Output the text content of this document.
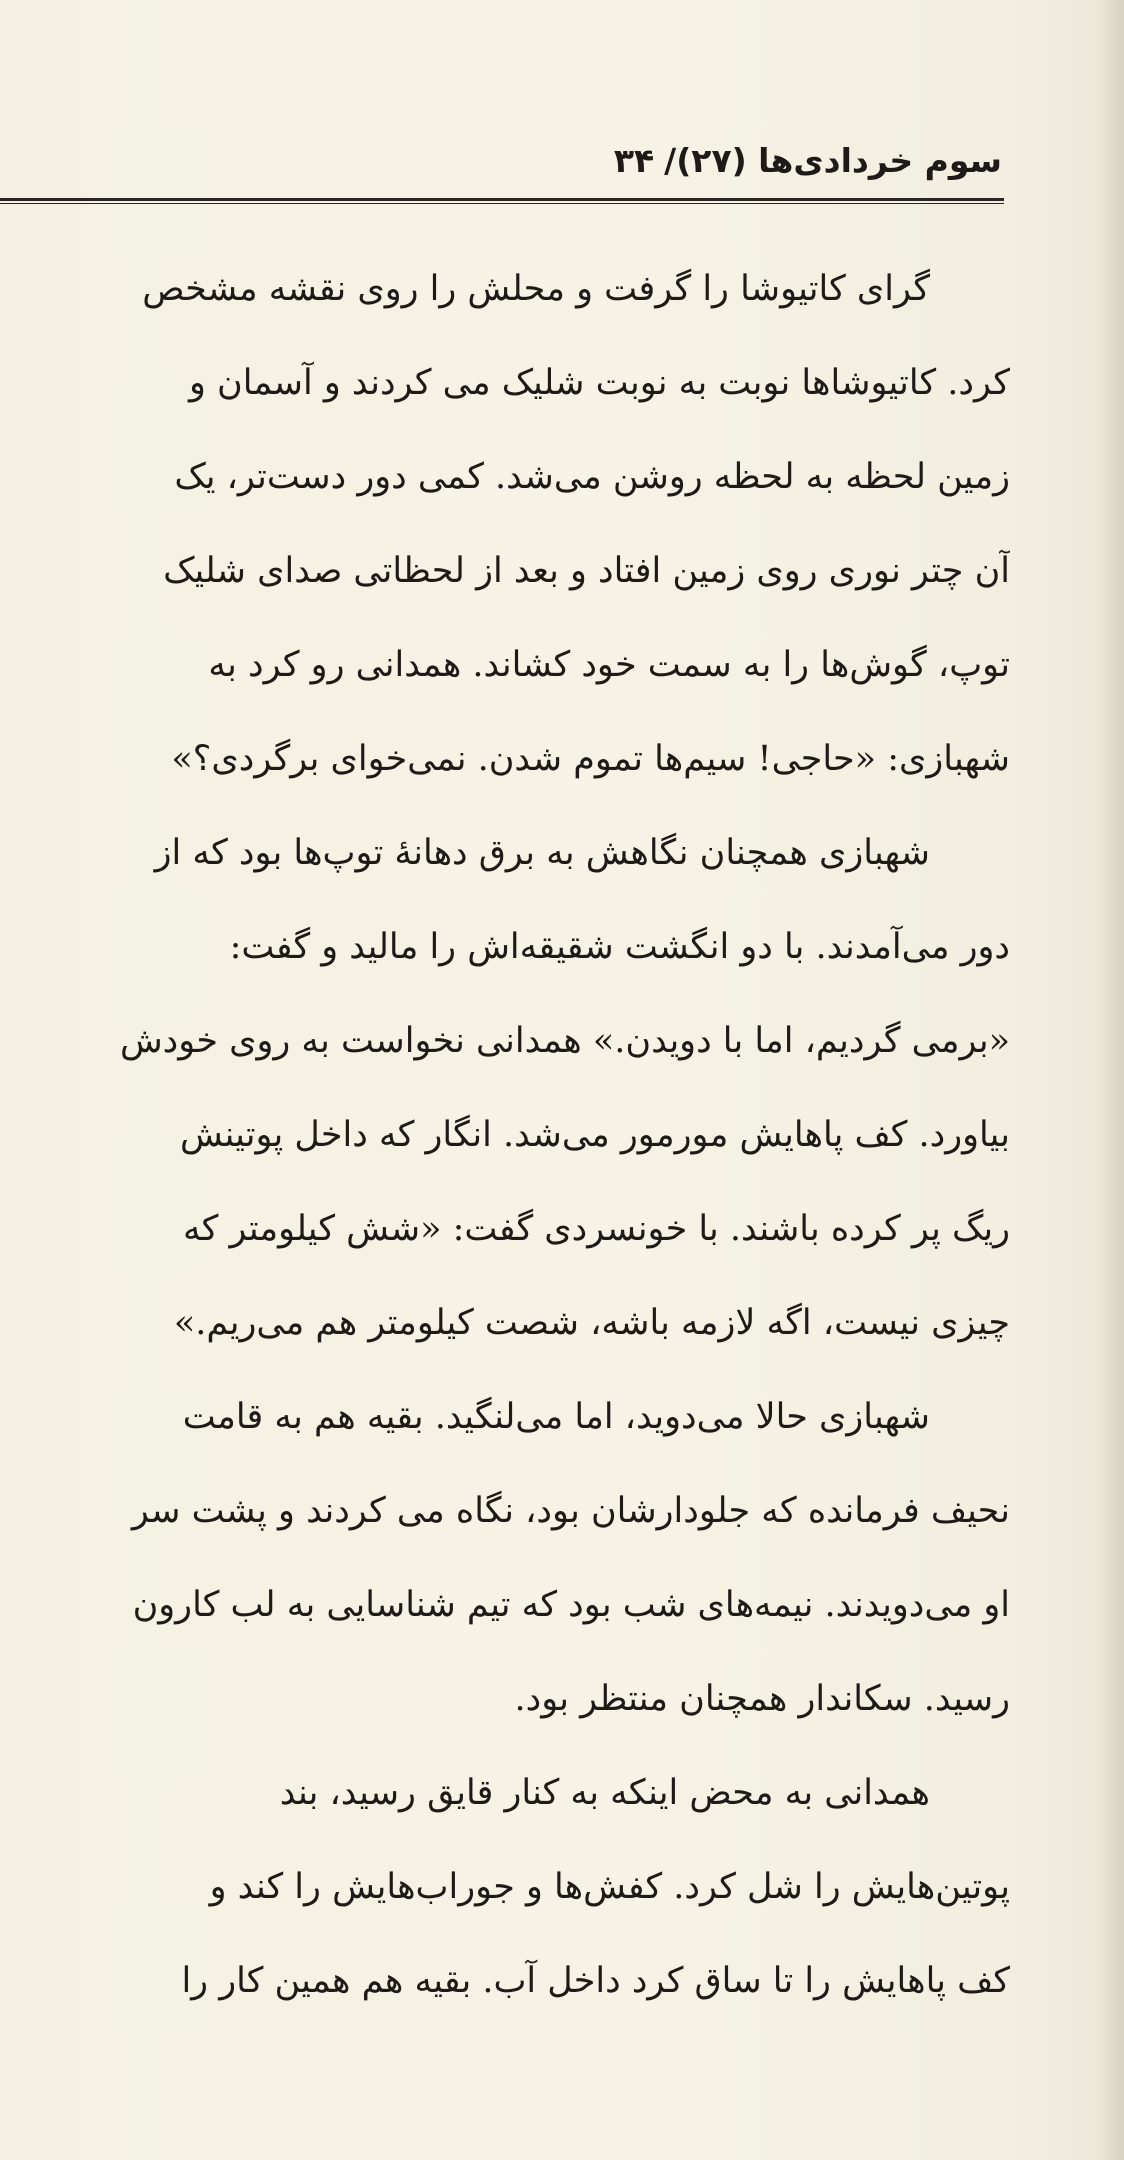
۳۴ / سوم خردادی‌ها (۲۷)
گرای کاتیوشا را گرفت و محلش را روی نقشه مشخص
کرد. کاتیوشاها نوبت به نوبت شلیک می کردند و آسمان و
زمین لحظه به لحظه روشن می‌شد. کمی دور دست‌تر، یک
آن چتر نوری روی زمین افتاد و بعد از لحظاتی صدای شلیک
توپ، گوش‌ها را به سمت خود کشاند. همدانی رو کرد به
شهبازی: «حاجی! سیم‌ها تموم شدن. نمی‌خوای برگردی؟»
شهبازی همچنان نگاهش به برق دهانهٔ توپ‌ها بود که از
دور می‌آمدند. با دو انگشت شقیقه‌اش را مالید و گفت:
«برمی گردیم، اما با دویدن.» همدانی نخواست به روی خودش
بیاورد. کف پاهایش مورمور می‌شد. انگار که داخل پوتینش
ریگ پر کرده باشند. با خونسردی گفت: «شش کیلومتر که
چیزی نیست، اگه لازمه باشه، شصت کیلومتر هم می‌ریم.»
شهبازی حالا می‌دوید، اما می‌لنگید. بقیه هم به قامت
نحیف فرمانده که جلودارشان بود، نگاه می کردند و پشت سر
او می‌دویدند. نیمه‌های شب بود که تیم شناسایی به لب کارون
رسید. سکاندار همچنان منتظر بود.
همدانی به محض اینکه به کنار قایق رسید، بند
پوتین‌هایش را شل کرد. کفش‌ها و جوراب‌هایش را کند و
کف پاهایش را تا ساق کرد داخل آب. بقیه هم همین کار را
